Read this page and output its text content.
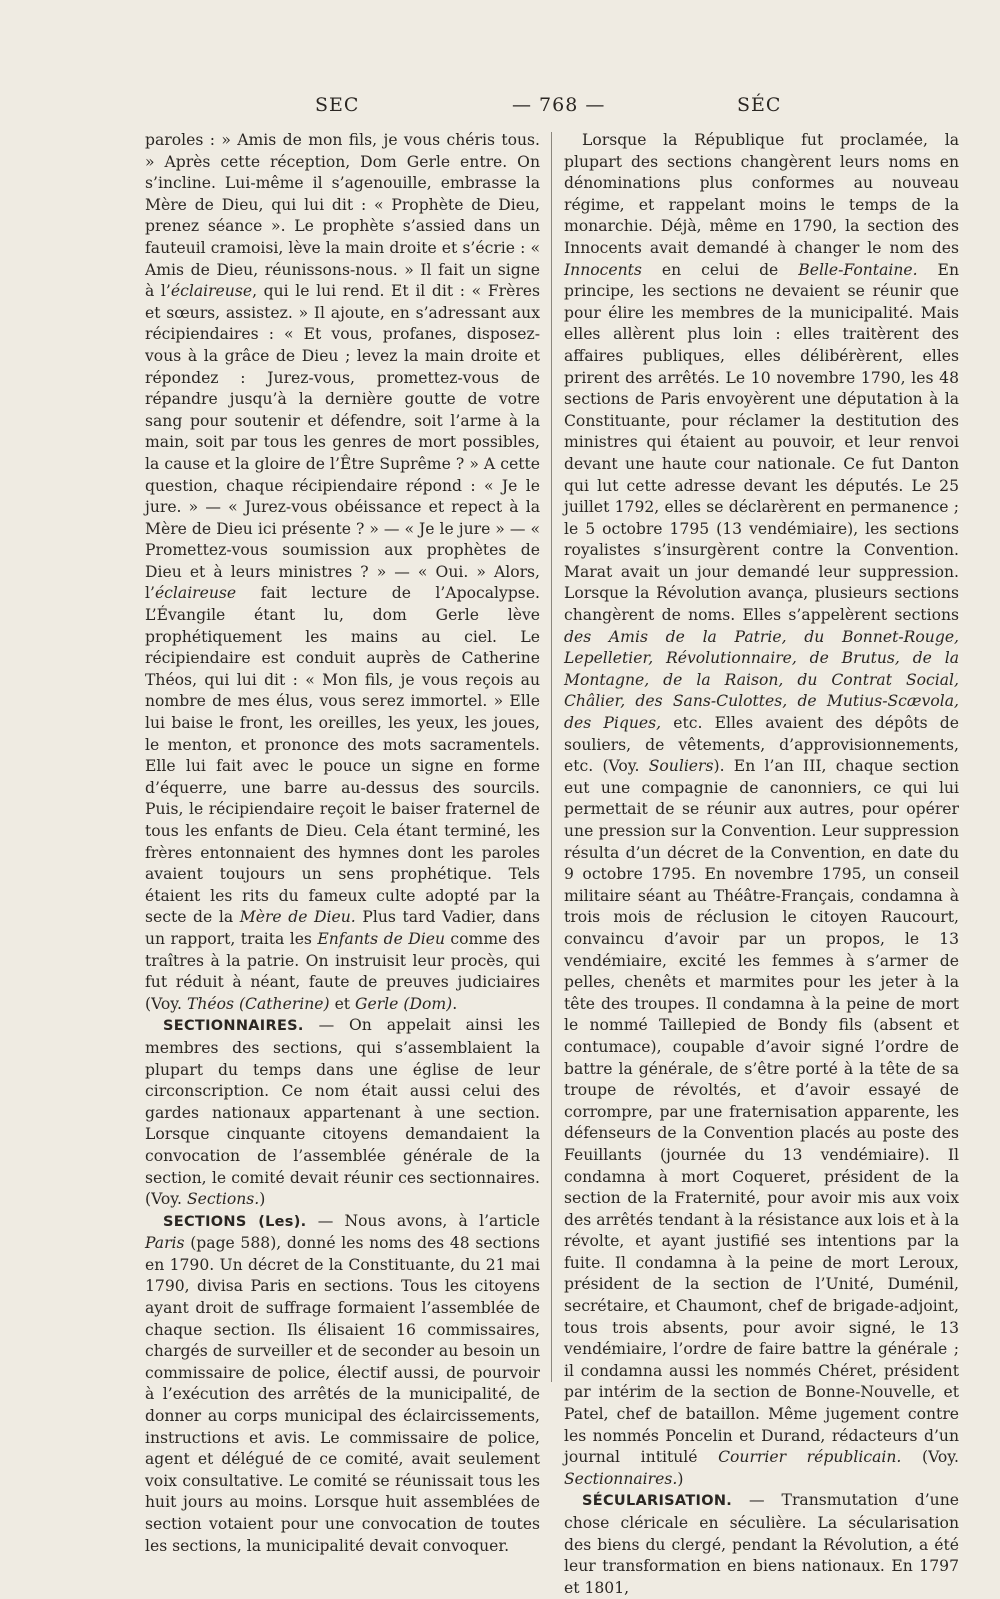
SEC	— 768 —	SÉC

paroles : » Amis de mon fils, je vous chéris tous. » Après cette réception, Dom Gerle entre. On s’incline. Lui-même il s’agenouille, embrasse la Mère de Dieu, qui lui dit : « Prophète de Dieu, prenez séance ». Le prophète s’assied dans un fauteuil cramoisi, lève la main droite et s’écrie : « Amis de Dieu, réunissons-nous. » Il fait un signe à l’éclaireuse, qui le lui rend. Et il dit : « Frères et sœurs, assistez. » Il ajoute, en s’adressant aux récipiendaires : « Et vous, profanes, disposez-vous à la grâce de Dieu ; levez la main droite et répondez : Jurez-vous, promettez-vous de répandre jusqu’à la dernière goutte de votre sang pour soutenir et défendre, soit l’arme à la main, soit par tous les genres de mort possibles, la cause et la gloire de l’Être Suprême ? » A cette question, chaque récipiendaire répond : « Je le jure. » — « Jurez-vous obéissance et repect à la Mère de Dieu ici présente ? » — « Je le jure » — « Promettez-vous soumission aux prophètes de Dieu et à leurs ministres ? » — « Oui. » Alors, l’éclaireuse fait lecture de l’Apocalypse. L’Évangile étant lu, dom Gerle lève prophétiquement les mains au ciel. Le récipiendaire est conduit auprès de Catherine Théos, qui lui dit : « Mon fils, je vous reçois au nombre de mes élus, vous serez immortel. » Elle lui baise le front, les oreilles, les yeux, les joues, le menton, et prononce des mots sacramentels. Elle lui fait avec le pouce un signe en forme d’équerre, une barre au-dessus des sourcils. Puis, le récipiendaire reçoit le baiser fraternel de tous les enfants de Dieu. Cela étant terminé, les frères entonnaient des hymnes dont les paroles avaient toujours un sens prophétique. Tels étaient les rits du fameux culte adopté par la secte de la Mère de Dieu. Plus tard Vadier, dans un rapport, traita les Enfants de Dieu comme des traîtres à la patrie. On instruisit leur procès, qui fut réduit à néant, faute de preuves judiciaires (Voy. Théos (Catherine) et Gerle (Dom).

SECTIONNAIRES. — On appelait ainsi les membres des sections, qui s’assemblaient la plupart du temps dans une église de leur circonscription. Ce nom était aussi celui des gardes nationaux appartenant à une section. Lorsque cinquante citoyens demandaient la convocation de l’assemblée générale de la section, le comité devait réunir ces sectionnaires. (Voy. Sections.)

SECTIONS (Les). — Nous avons, à l’article Paris (page 588), donné les noms des 48 sections en 1790. Un décret de la Constituante, du 21 mai 1790, divisa Paris en sections. Tous les citoyens ayant droit de suffrage formaient l’assemblée de chaque section. Ils élisaient 16 commissaires, chargés de surveiller et de seconder au besoin un commissaire de police, électif aussi, de pourvoir à l’exécution des arrêtés de la municipalité, de donner au corps municipal des éclaircissements, instructions et avis. Le commissaire de police, agent et délégué de ce comité, avait seulement voix consultative. Le comité se réunissait tous les huit jours au moins. Lorsque huit assemblées de section votaient pour une convocation de toutes les sections, la municipalité devait convoquer.

Lorsque la République fut proclamée, la plupart des sections changèrent leurs noms en dénominations plus conformes au nouveau régime, et rappelant moins le temps de la monarchie. Déjà, même en 1790, la section des Innocents avait demandé à changer le nom des Innocents en celui de Belle-Fontaine. En principe, les sections ne devaient se réunir que pour élire les membres de la municipalité. Mais elles allèrent plus loin : elles traitèrent des affaires publiques, elles délibérèrent, elles prirent des arrêtés. Le 10 novembre 1790, les 48 sections de Paris envoyèrent une députation à la Constituante, pour réclamer la destitution des ministres qui étaient au pouvoir, et leur renvoi devant une haute cour nationale. Ce fut Danton qui lut cette adresse devant les députés. Le 25 juillet 1792, elles se déclarèrent en permanence ; le 5 octobre 1795 (13 vendémiaire), les sections royalistes s’insurgèrent contre la Convention. Marat avait un jour demandé leur suppression. Lorsque la Révolution avança, plusieurs sections changèrent de noms. Elles s’appelèrent sections des Amis de la Patrie, du Bonnet-Rouge, Lepelletier, Révolutionnaire, de Brutus, de la Montagne, de la Raison, du Contrat Social, Châlier, des Sans-Culottes, de Mutius-Scævola, des Piques, etc. Elles avaient des dépôts de souliers, de vêtements, d’approvisionnements, etc. (Voy. Souliers). En l’an III, chaque section eut une compagnie de canonniers, ce qui lui permettait de se réunir aux autres, pour opérer une pression sur la Convention. Leur suppression résulta d’un décret de la Convention, en date du 9 octobre 1795. En novembre 1795, un conseil militaire séant au Théâtre-Français, condamna à trois mois de réclusion le citoyen Raucourt, convaincu d’avoir par un propos, le 13 vendémiaire, excité les femmes à s’armer de pelles, chenêts et marmites pour les jeter à la tête des troupes. Il condamna à la peine de mort le nommé Taillepied de Bondy fils (absent et contumace), coupable d’avoir signé l’ordre de battre la générale, de s’être porté à la tête de sa troupe de révoltés, et d’avoir essayé de corrompre, par une fraternisation apparente, les défenseurs de la Convention placés au poste des Feuillants (journée du 13 vendémiaire). Il condamna à mort Coqueret, président de la section de la Fraternité, pour avoir mis aux voix des arrêtés tendant à la résistance aux lois et à la révolte, et ayant justifié ses intentions par la fuite. Il condamna à la peine de mort Leroux, président de la section de l’Unité, Duménil, secrétaire, et Chaumont, chef de brigade-adjoint, tous trois absents, pour avoir signé, le 13 vendémiaire, l’ordre de faire battre la générale ; il condamna aussi les nommés Chéret, président par intérim de la section de Bonne-Nouvelle, et Patel, chef de bataillon. Même jugement contre les nommés Poncelin et Durand, rédacteurs d’un journal intitulé Courrier républicain. (Voy. Sectionnaires.)

SÉCULARISATION. — Transmutation d’une chose cléricale en séculière. La sécularisation des biens du clergé, pendant la Révolution, a été leur transformation en biens nationaux. En 1797 et 1801,
